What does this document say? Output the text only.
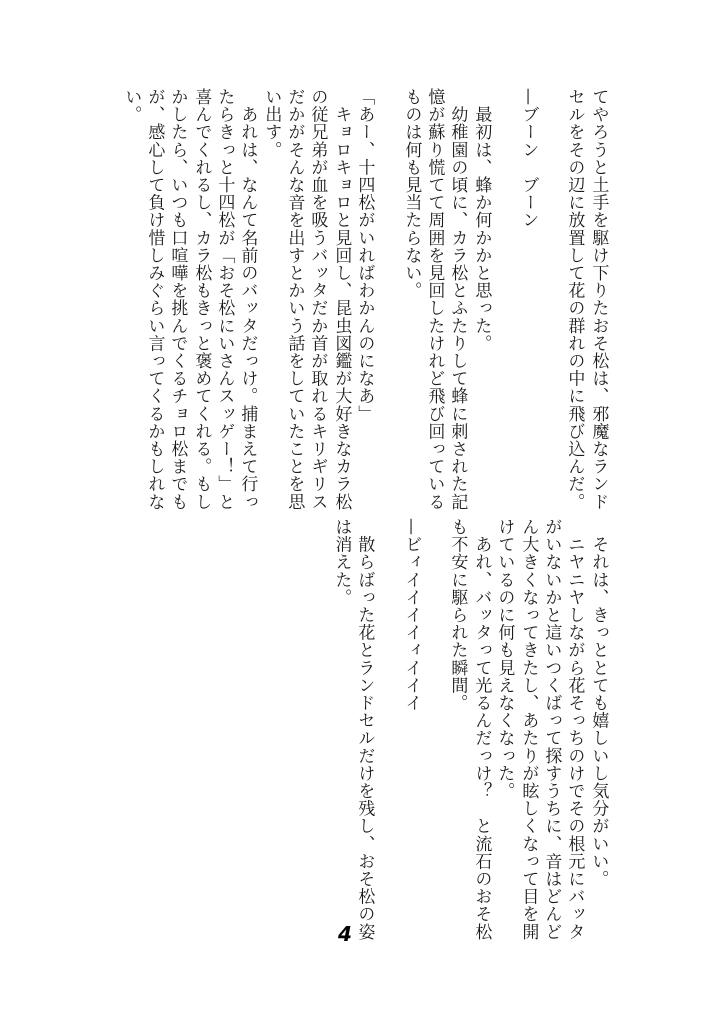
てやろうと土手を駆け下りたおそ松は、邪魔なランド
セルをその辺に放置して花の群れの中に飛び込んだ。
—ブーン　ブーン
　最初は、蜂か何かかと思った。
　幼稚園の頃に、カラ松とふたりして蜂に刺された記
憶が蘇り慌てて周囲を見回したけれど飛び回っている
ものは何も見当たらない。
「あー、十四松がいればわかんのになあ」
　キョロキョロと見回し、昆虫図鑑が大好きなカラ松
の従兄弟が血を吸うバッタだか首が取れるキリギリス
だかがそんな音を出すとかいう話をしていたことを思
い出す。
　あれは、なんて名前のバッタだっけ。捕まえて行っ
たらきっと十四松が「おそ松にいさんスッゲー！」と
喜んでくれるし、カラ松もきっと褒めてくれる。もし
かしたら、いつも口喧嘩を挑んでくるチョロ松までも
が、感心して負け惜しみぐらい言ってくるかもしれな
い。
　それは、きっととても嬉しいし気分がいい。
　ニヤニヤしながら花そっちのけでその根元にバッタ
がいないかと這いつくばって探すうちに、音はどんど
ん大きくなってきたし、あたりが眩しくなって目を開
けているのに何も見えなくなった。
　あれ、バッタって光るんだっけ？　と流石のおそ松
も不安に駆られた瞬間。
—ビィイイイイィイイイ
　散らばった花とランドセルだけを残し、おそ松の姿
は消えた。
4
